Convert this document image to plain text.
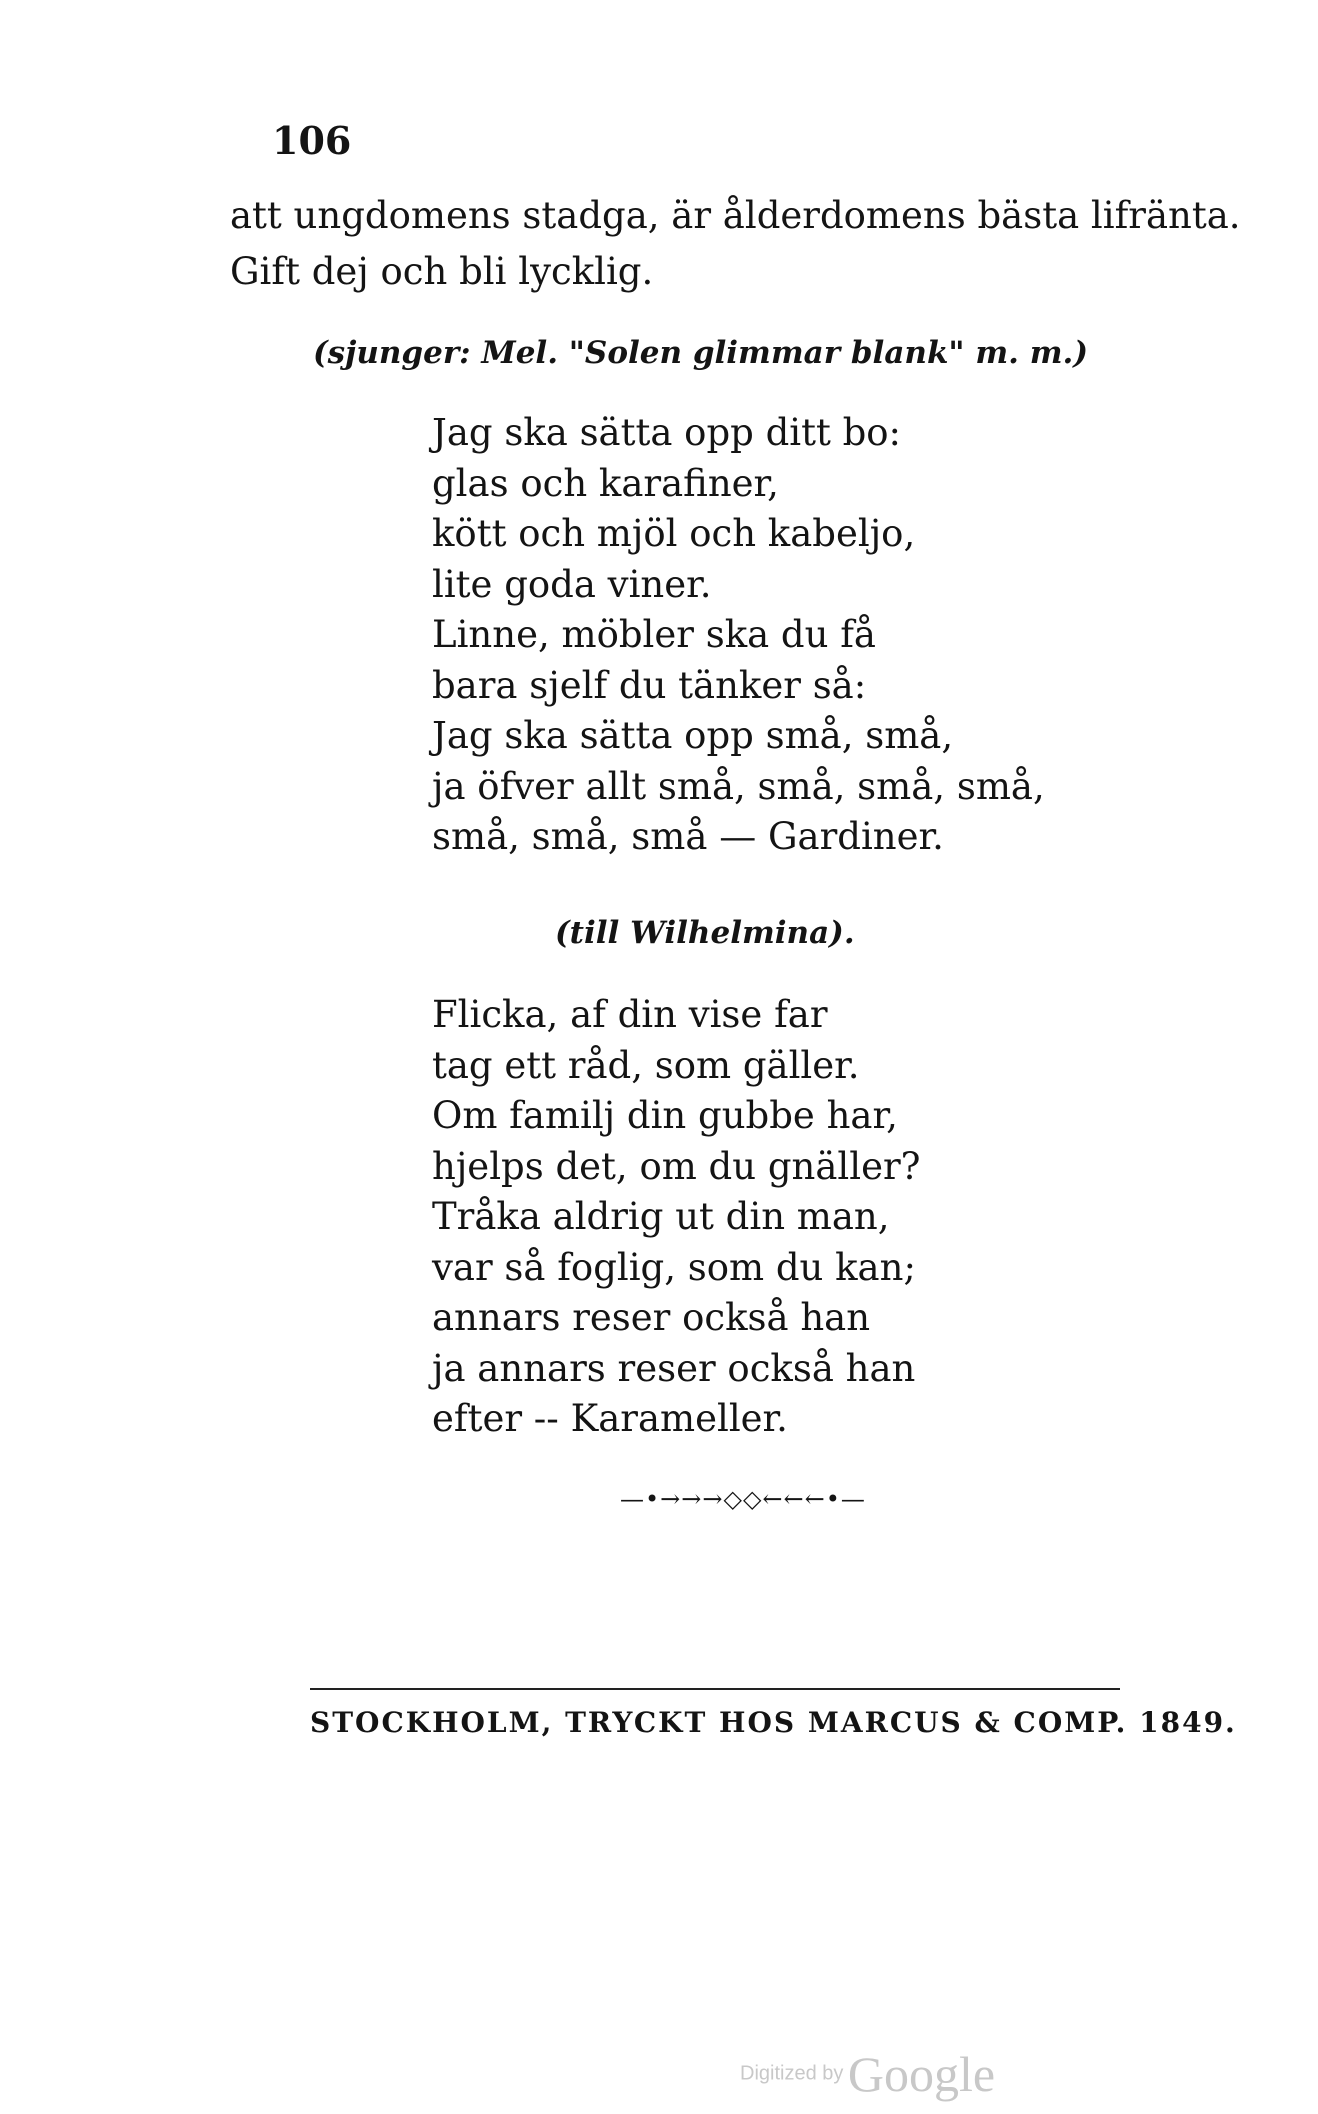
106
att ungdomens stadga, är ålderdomens bästa lifränta.
Gift dej och bli lycklig.
(sjunger: Mel. "Solen glimmar blank" m. m.)
Jag ska sätta opp ditt bo:
glas och karafiner,
kött och mjöl och kabeljo,
lite goda viner.
Linne, möbler ska du få
bara sjelf du tänker så:
Jag ska sätta opp små, små,
ja öfver allt små, små, små, små,
små, små, små — Gardiner.
(till Wilhelmina).
Flicka, af din vise far
tag ett råd, som gäller.
Om familj din gubbe har,
hjelps det, om du gnäller?
Tråka aldrig ut din man,
var så foglig, som du kan;
annars reser också han
ja annars reser också han
efter -- Karameller.
—•→→→◇◇←←←•—
STOCKHOLM, TRYCKT HOS MARCUS & COMP. 1849.
Digitized by Google
